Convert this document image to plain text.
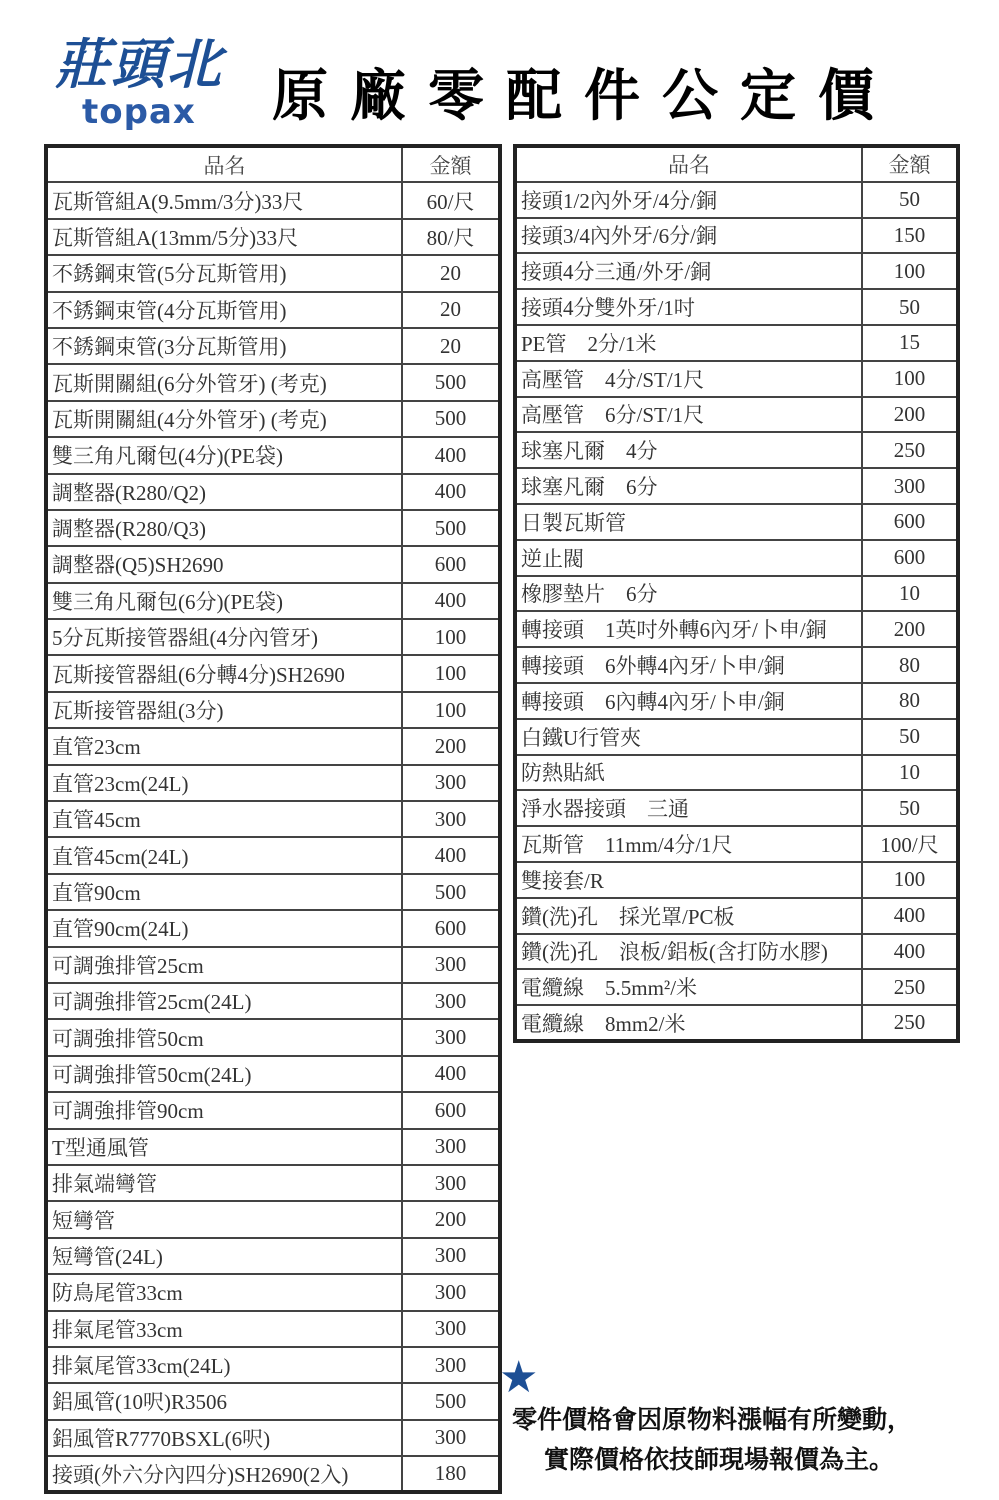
莊頭北
topax 原廠零配件公定價
品名	金額
瓦斯管組A(9.5mm/3分)33尺	60/尺
瓦斯管組A(13mm/5分)33尺	80/尺
不銹鋼束管(5分瓦斯管用)	20
不銹鋼束管(4分瓦斯管用)	20
不銹鋼束管(3分瓦斯管用)	20
瓦斯開關組(6分外管牙) (考克)	500
瓦斯開關組(4分外管牙) (考克)	500
雙三角凡爾包(4分)(PE袋)	400
調整器(R280/Q2)	400
調整器(R280/Q3)	500
調整器(Q5)SH2690	600
雙三角凡爾包(6分)(PE袋)	400
5分瓦斯接管器組(4分內管牙)	100
瓦斯接管器組(6分轉4分)SH2690	100
瓦斯接管器組(3分)	100
直管23cm	200
直管23cm(24L)	300
直管45cm	300
直管45cm(24L)	400
直管90cm	500
直管90cm(24L)	600
可調強排管25cm	300
可調強排管25cm(24L)	300
可調強排管50cm	300
可調強排管50cm(24L)	400
可調強排管90cm	600
T型通風管	300
排氣端彎管	300
短彎管	200
短彎管(24L)	300
防鳥尾管33cm	300
排氣尾管33cm	300
排氣尾管33cm(24L)	300
鋁風管(10呎)R3506	500
鋁風管R7770BSXL(6呎)	300
接頭(外六分內四分)SH2690(2入)	180
品名	金額
接頭1/2內外牙/4分/銅	50
接頭3/4內外牙/6分/銅	150
接頭4分三通/外牙/銅	100
接頭4分雙外牙/1吋	50
PE管　2分/1米	15
高壓管　4分/ST/1尺	100
高壓管　6分/ST/1尺	200
球塞凡爾　4分	250
球塞凡爾　6分	300
日製瓦斯管	600
逆止閥	600
橡膠墊片　6分	10
轉接頭　1英吋外轉6內牙/卜申/銅	200
轉接頭　6外轉4內牙/卜申/銅	80
轉接頭　6內轉4內牙/卜申/銅	80
白鐵U行管夾	50
防熱貼紙	10
淨水器接頭　三通	50
瓦斯管　11mm/4分/1尺	100/尺
雙接套/R	100
鑽(洗)孔　採光罩/PC板	400
鑽(洗)孔　浪板/鋁板(含打防水膠)	400
電纜線　5.5mm²/米	250
電纜線　8mm2/米	250
★
零件價格會因原物料漲幅有所變動，
實際價格依技師現場報價為主。
